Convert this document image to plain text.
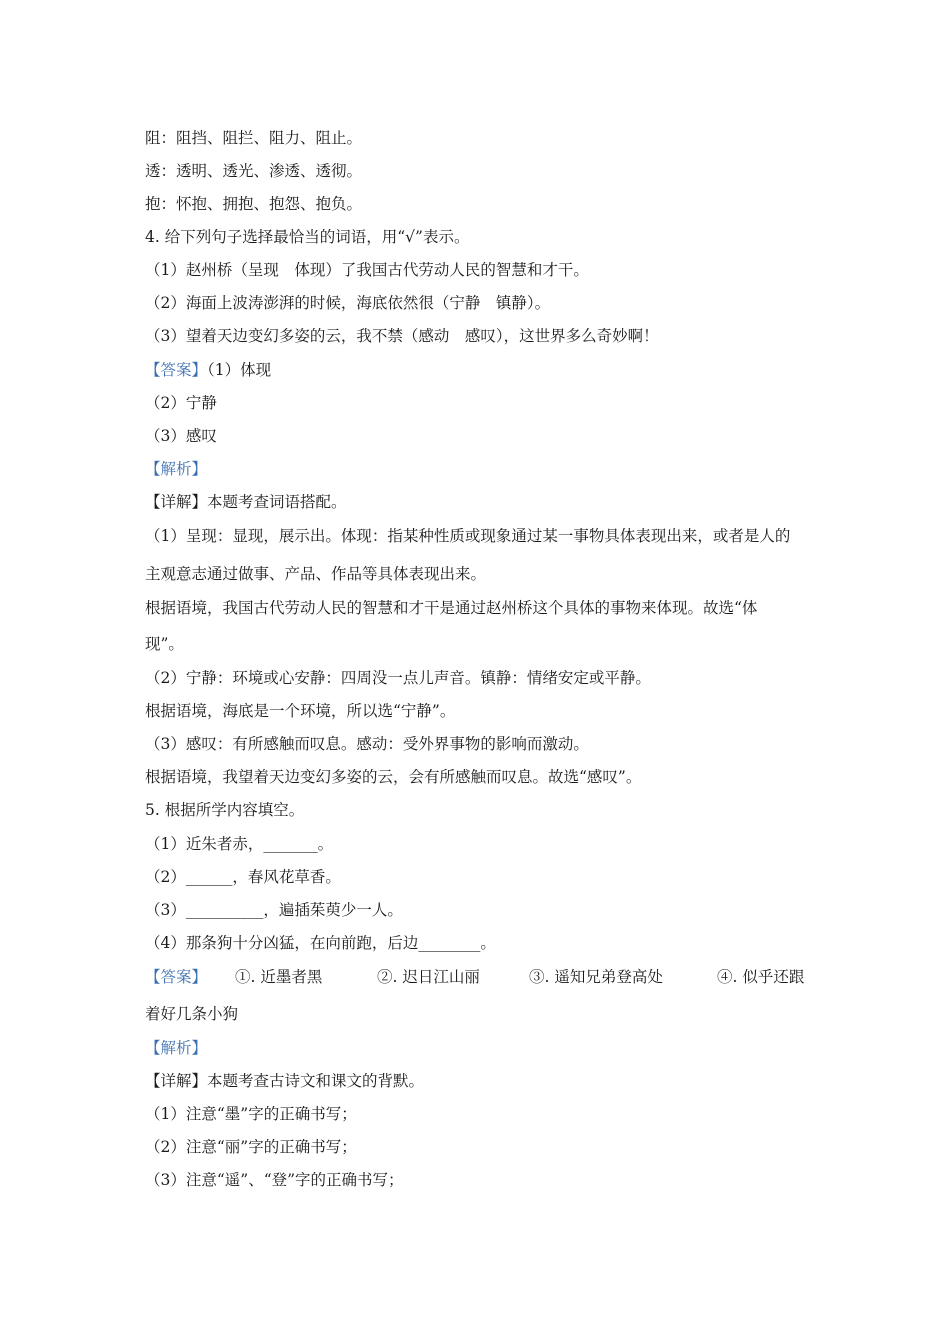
阻：阻挡、阻拦、阻力、阻止。
透：透明、透光、渗透、透彻。
抱：怀抱、拥抱、抱怨、抱负。
4. 给下列句子选择最恰当的词语，用“√”表示。
（1）赵州桥（呈现　体现）了我国古代劳动人民的智慧和才干。
（2）海面上波涛澎湃的时候，海底依然很（宁静　镇静）。
（3）望着天边变幻多姿的云，我不禁（感动　感叹），这世界多么奇妙啊！
【答案】（1）体现
（2）宁静
（3）感叹
【解析】
【详解】本题考查词语搭配。
（1）呈现：显现，展示出。体现：指某种性质或现象通过某一事物具体表现出来，或者是人的
主观意志通过做事、产品、作品等具体表现出来。
根据语境，我国古代劳动人民的智慧和才干是通过赵州桥这个具体的事物来体现。故选“体
现”。
（2）宁静：环境或心安静：四周没一点儿声音。镇静：情绪安定或平静。
根据语境，海底是一个环境，所以选“宁静”。
（3）感叹：有所感触而叹息。感动：受外界事物的影响而激动。
根据语境，我望着天边变幻多姿的云，会有所感触而叹息。故选“感叹”。
5. 根据所学内容填空。
（1）近朱者赤，_______。
（2）______，春风花草香。
（3）__________，遍插茱萸少一人。
（4）那条狗十分凶猛，在向前跑，后边________。
【答案】 ①. 近墨者黑	②. 迟日江山丽	③. 遥知兄弟登高处	④. 似乎还跟
着好几条小狗
【解析】
【详解】本题考查古诗文和课文的背默。
（1）注意“墨”字的正确书写；
（2）注意“丽”字的正确书写；
（3）注意“遥”、“登”字的正确书写；
